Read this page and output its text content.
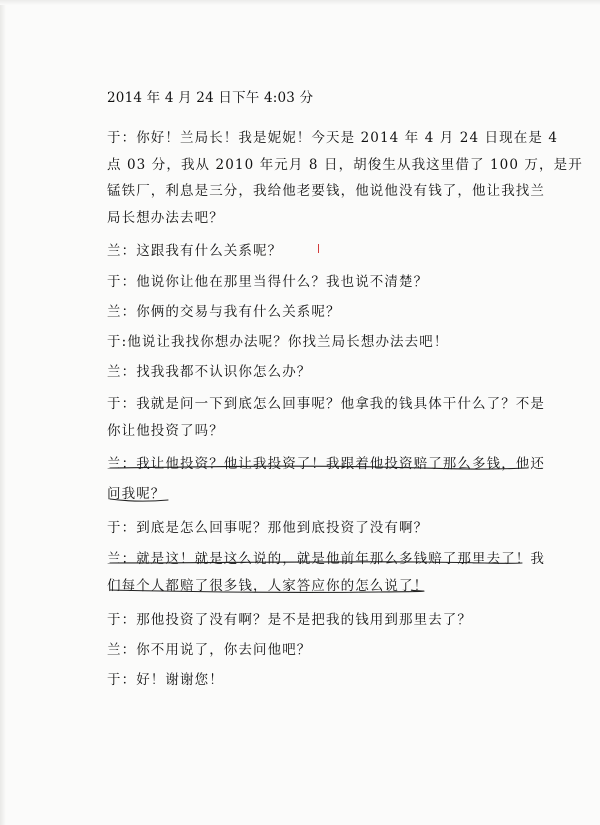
2014 年 4 月 24 日下午 4:03 分
于：你好！兰局长！我是妮妮！今天是 2014 年 4 月 24 日现在是 4
点 03 分，我从 2010 年元月 8 日，胡俊生从我这里借了 100 万，是开
锰铁厂，利息是三分，我给他老要钱，他说他没有钱了，他让我找兰
局长想办法去吧？
兰：这跟我有什么关系呢？
于：他说你让他在那里当得什么？我也说不清楚？
兰：你俩的交易与我有什么关系呢？
于:他说让我找你想办法呢？你找兰局长想办法去吧！
兰：找我我都不认识你怎么办？
于：我就是问一下到底怎么回事呢？他拿我的钱具体干什么了？不是
你让他投资了吗？
兰：我让他投资？他让我投资了！我跟着他投资赔了那么多钱，他还
问我呢？
于：到底是怎么回事呢？那他到底投资了没有啊？
兰：就是这！就是这么说的，就是他前年那么多钱赔了那里去了！我
们每个人都赔了很多钱，人家答应你的怎么说了！
于：那他投资了没有啊？是不是把我的钱用到那里去了？
兰：你不用说了，你去问他吧？
于：好！谢谢您！
